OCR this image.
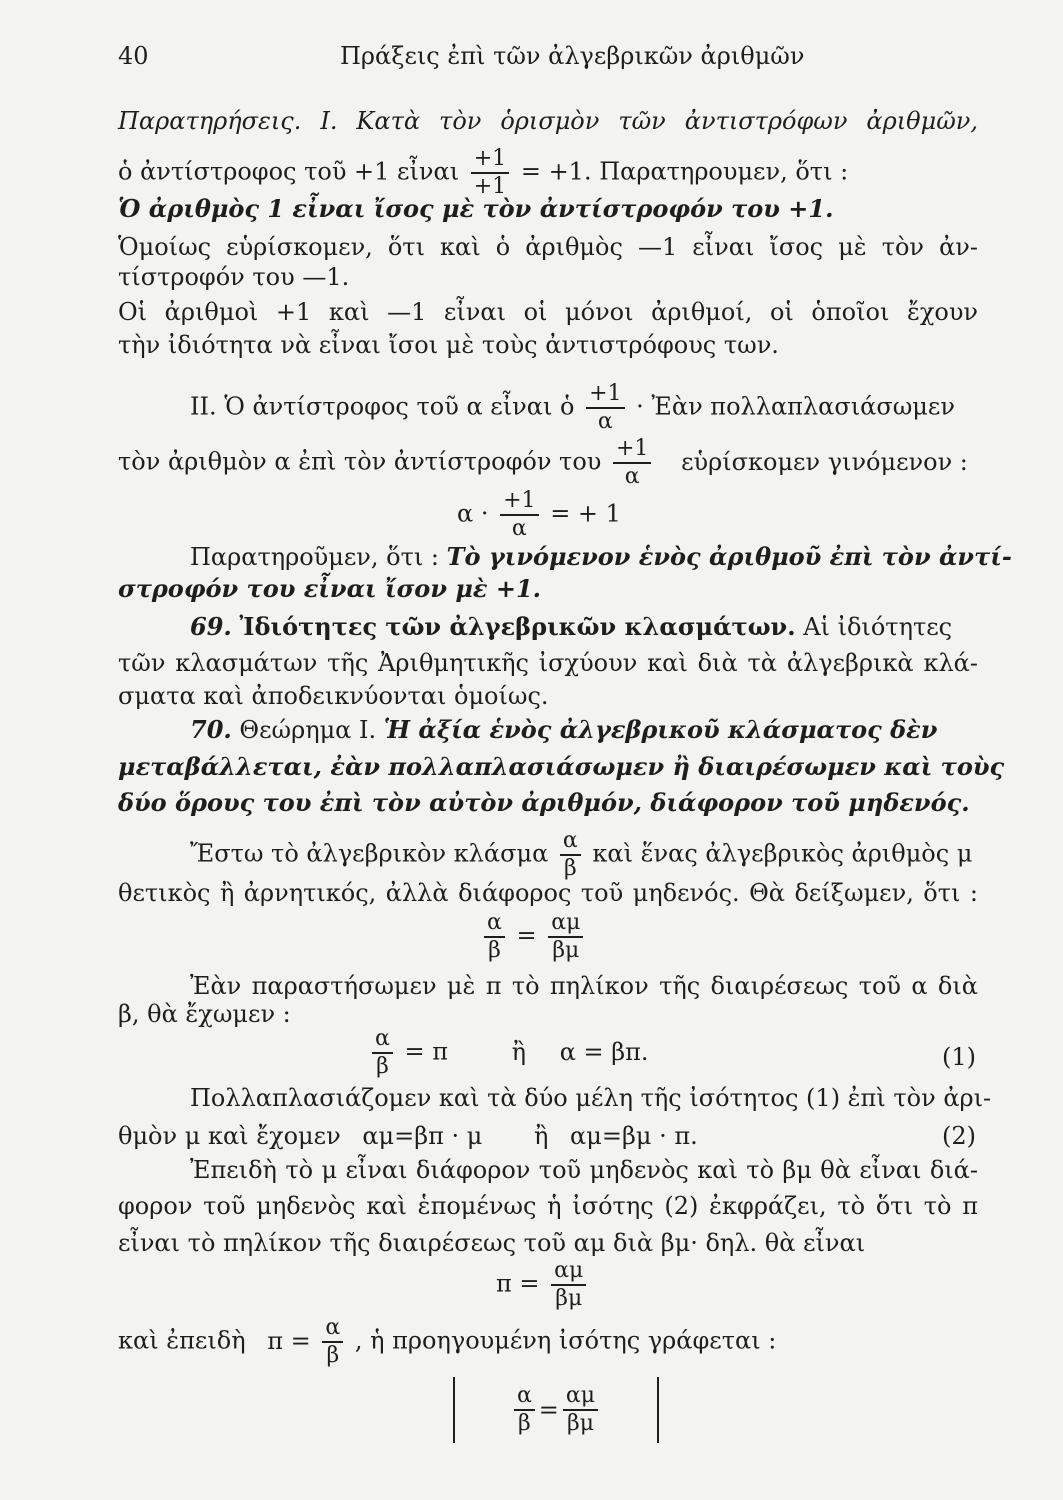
40	Πράξεις ἐπὶ τῶν ἀλγεβρικῶν ἀριθμῶν
Παρατηρήσεις. Ι. Κατὰ τὸν ὁρισμὸν τῶν ἀντιστρόφων ἀριθμῶν,
ὁ ἀντίστροφος τοῦ +1 εἶναι $\frac{+1}{+1} = +1$. Παρατηρουμεν, ὅτι :
Ὁ ἀριθμὸς 1 εἶναι ἴσος μὲ τὸν ἀντίστροφόν του +1.
Ὁμοίως εὑρίσκομεν, ὅτι καὶ ὁ ἀριθμὸς —1 εἶναι ἴσος μὲ τὸν ἀν-
τίστροφόν του —1.
Οἱ ἀριθμοὶ +1 καὶ —1 εἶναι οἱ μόνοι ἀριθμοί, οἱ ὁποῖοι ἔχουν
τὴν ἰδιότητα νὰ εἶναι ἴσοι μὲ τοὺς ἀντιστρόφους των.
ΙΙ. Ὁ ἀντίστροφος τοῦ α εἶναι ὁ $\frac{+1}{\alpha}$ · Ἐὰν πολλαπλασιάσωμεν
τὸν ἀριθμὸν α ἐπὶ τὸν ἀντίστροφόν του $\frac{+1}{\alpha}$ εὑρίσκομεν γινόμενον :
$\alpha \cdot \frac{+1}{\alpha}$ = + 1
Παρατηροῦμεν, ὅτι : Τὸ γινόμενον ἑνὸς ἀριθμοῦ ἐπὶ τὸν ἀντί-
στροφόν του εἶναι ἴσον μὲ +1.
69. Ἰδιότητες τῶν ἀλγεβρικῶν κλασμάτων. Αἱ ἰδιότητες
τῶν κλασμάτων τῆς Ἀριθμητικῆς ἰσχύουν καὶ διὰ τὰ ἀλγεβρικὰ κλά-
σματα καὶ ἀποδεικνύονται ὁμοίως.
70. Θεώρημα Ι. Ἡ ἀξία ἑνὸς ἀλγεβρικοῦ κλάσματος δὲν
μεταβάλλεται, ἐὰν πολλαπλασιάσωμεν ἢ διαιρέσωμεν καὶ τοὺς
δύο ὅρους του ἐπὶ τὸν αὐτὸν ἀριθμόν, διάφορον τοῦ μηδενός.
Ἔστω τὸ ἀλγεβρικὸν κλάσμα $\frac{\alpha}{\beta}$ καὶ ἕνας ἀλγεβρικὸς ἀριθμὸς μ
θετικὸς ἢ ἀρνητικός, ἀλλὰ διάφορος τοῦ μηδενός. Θὰ δείξωμεν, ὅτι :
$\frac{\alpha}{\beta} = \frac{\alpha\mu}{\beta\mu}$
Ἐὰν παραστήσωμεν μὲ π τὸ πηλίκον τῆς διαιρέσεως τοῦ α διὰ
β, θὰ ἔχωμεν :
$\frac{\alpha}{\beta} = \pi$	ἢ α = βπ.	(1)
Πολλαπλασιάζομεν καὶ τὰ δύο μέλη τῆς ἰσότητος (1) ἐπὶ τὸν ἀρι-
θμὸν μ καὶ ἔχομεν αμ=βπ · μ ἢ αμ=βμ · π.	(2)
Ἐπειδὴ τὸ μ εἶναι διάφορον τοῦ μηδενὸς καὶ τὸ βμ θὰ εἶναι διά-
φορον τοῦ μηδενὸς καὶ ἑπομένως ἡ ἰσότης (2) ἐκφράζει, τὸ ὅτι τὸ π
εἶναι τὸ πηλίκον τῆς διαιρέσεως τοῦ αμ διὰ βμ· δηλ. θὰ εἶναι
$\pi = \frac{\alpha\mu}{\beta\mu}$
καὶ ἐπειδὴ $\pi = \frac{\alpha}{\beta}$ , ἡ προηγουμένη ἰσότης γράφεται :
$\frac{\alpha}{\beta} = \frac{\alpha\mu}{\beta\mu}$
